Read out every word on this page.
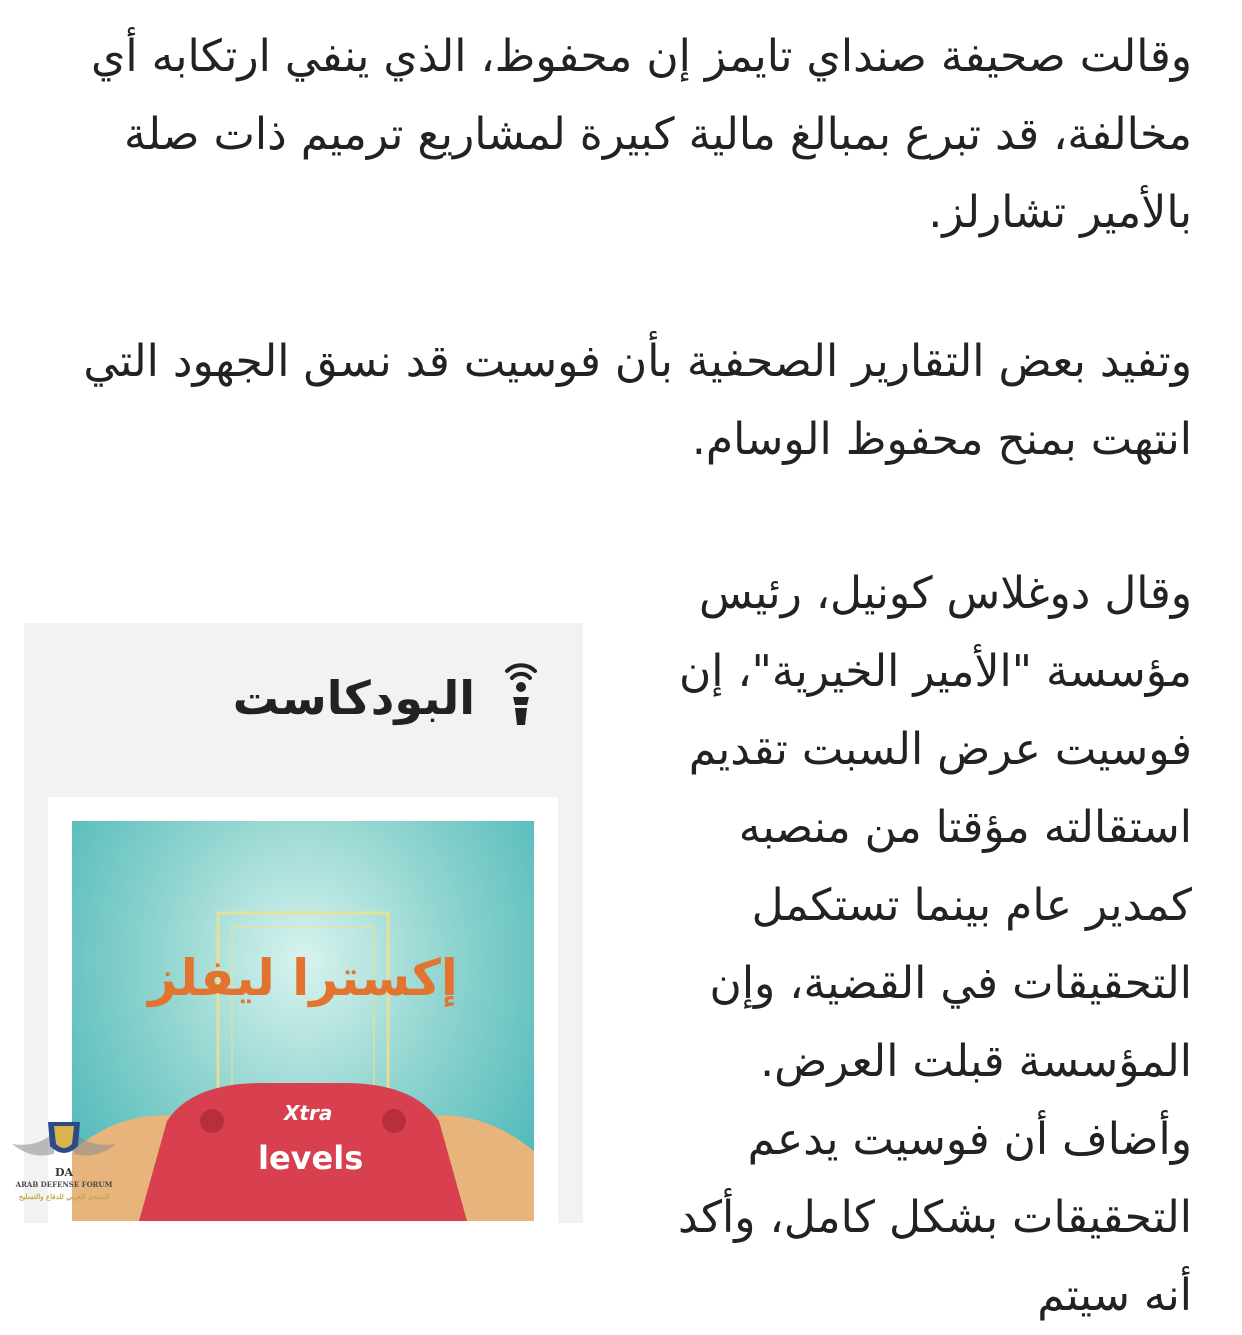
وقالت صحيفة صنداي تايمز إن محفوظ، الذي ينفي ارتكابه أي مخالفة، قد تبرع بمبالغ مالية كبيرة لمشاريع ترميم ذات صلة بالأمير تشارلز.

وتفيد بعض التقارير الصحفية بأن فوسيت قد نسق الجهود التي انتهت بمنح محفوظ الوسام.

وقال دوغلاس كونيل، رئيس مؤسسة "الأمير الخيرية"، إن فوسيت عرض السبت تقديم استقالته مؤقتا من منصبه كمدير عام بينما تستكمل التحقيقات في القضية، وإن المؤسسة قبلت العرض. وأضاف أن فوسيت يدعم التحقيقات بشكل كامل، وأكد أنه سيتم

البودكاست
إكسترا ليفلز
Xtra
levels
DA
ARAB DEFENSE FORUM
المنتدى العربي للدفاع والتسليح
